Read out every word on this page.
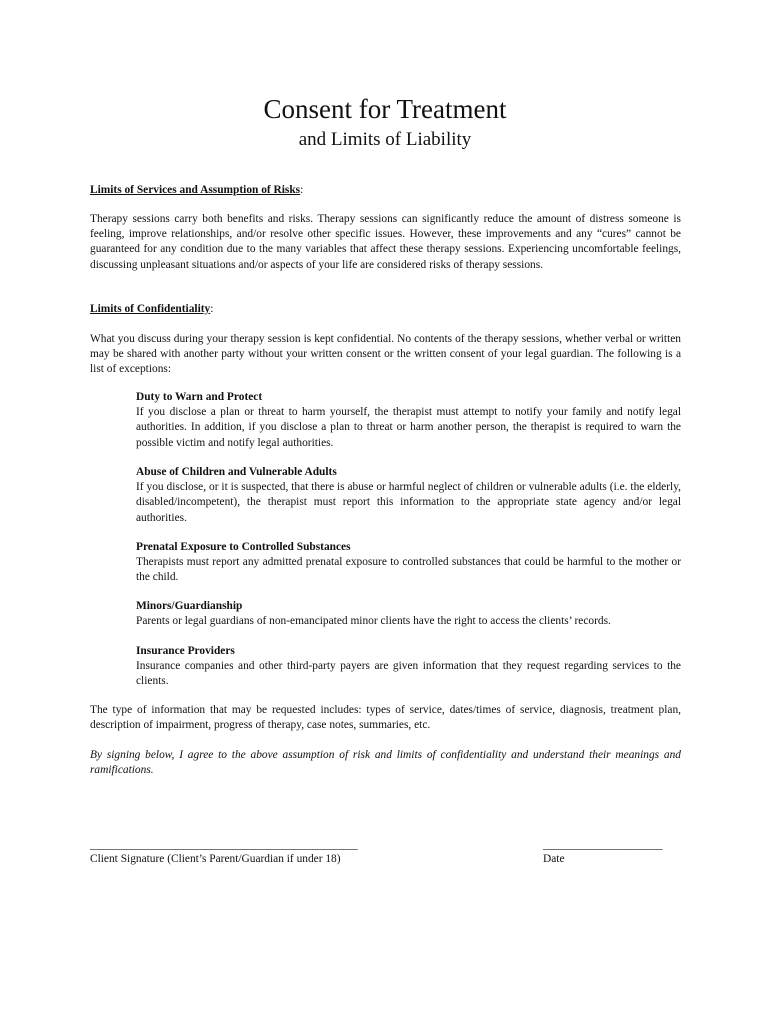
Consent for Treatment
and Limits of Liability
Limits of Services and Assumption of Risks:
Therapy sessions carry both benefits and risks. Therapy sessions can significantly reduce the amount of distress someone is feeling, improve relationships, and/or resolve other specific issues. However, these improvements and any “cures” cannot be guaranteed for any condition due to the many variables that affect these therapy sessions. Experiencing uncomfortable feelings, discussing unpleasant situations and/or aspects of your life are considered risks of therapy sessions.
Limits of Confidentiality:
What you discuss during your therapy session is kept confidential. No contents of the therapy sessions, whether verbal or written may be shared with another party without your written consent or the written consent of your legal guardian. The following is a list of exceptions:
Duty to Warn and Protect
If you disclose a plan or threat to harm yourself, the therapist must attempt to notify your family and notify legal authorities. In addition, if you disclose a plan to threat or harm another person, the therapist is required to warn the possible victim and notify legal authorities.
Abuse of Children and Vulnerable Adults
If you disclose, or it is suspected, that there is abuse or harmful neglect of children or vulnerable adults (i.e. the elderly, disabled/incompetent), the therapist must report this information to the appropriate state agency and/or legal authorities.
Prenatal Exposure to Controlled Substances
Therapists must report any admitted prenatal exposure to controlled substances that could be harmful to the mother or the child.
Minors/Guardianship
Parents or legal guardians of non-emancipated minor clients have the right to access the clients’ records.
Insurance Providers
Insurance companies and other third-party payers are given information that they request regarding services to the clients.
The type of information that may be requested includes: types of service, dates/times of service, diagnosis, treatment plan, description of impairment, progress of therapy, case notes, summaries, etc.
By signing below, I agree to the above assumption of risk and limits of confidentiality and understand their meanings and ramifications.
_______________________________________________
Client Signature (Client’s Parent/Guardian if under 18)
_____________________
Date
